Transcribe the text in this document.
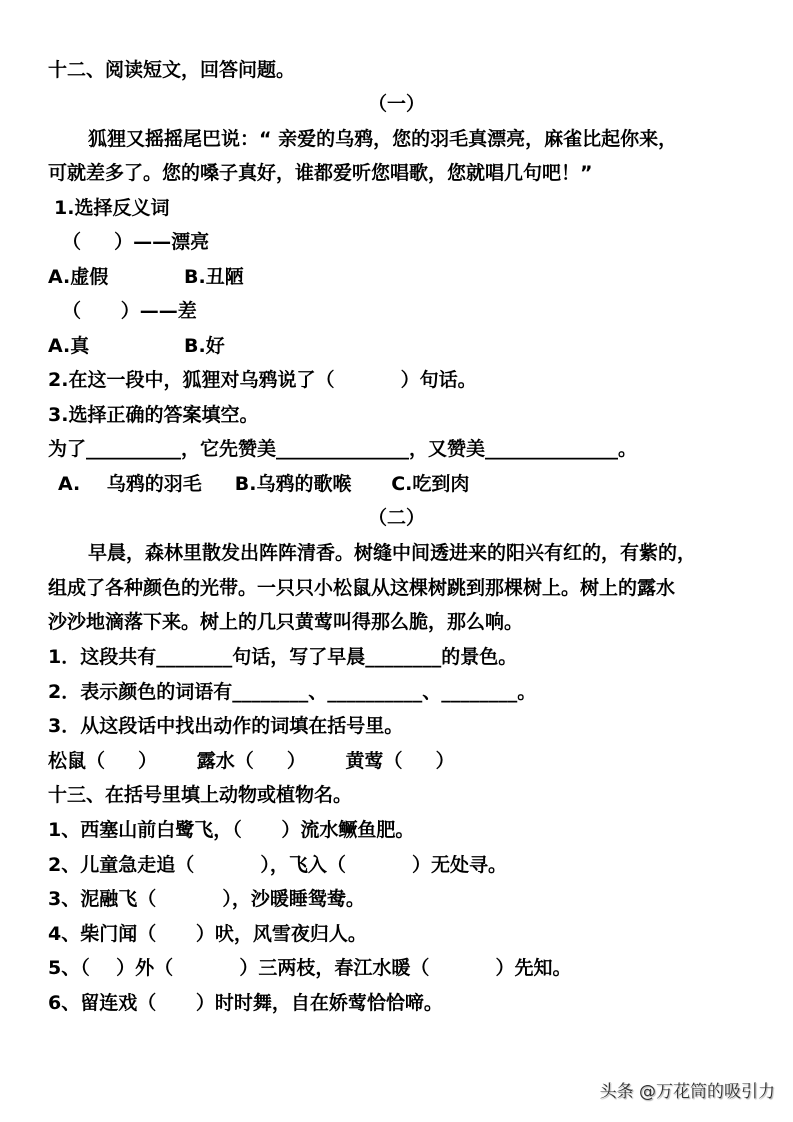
十二、阅读短文，回答问题。
（一）
狐狸又摇摇尾巴说：“ 亲爱的乌鸦，您的羽毛真漂亮，麻雀比起你来，
可就差多了。您的嗓子真好，谁都爱听您唱歌，您就唱几句吧！”
1.选择反义词
（     ）——漂亮
A.虚假	B.丑陋
（      ）——差
A.真	B.好
2.在这一段中，狐狸对乌鸦说了（          ）句话。
3.选择正确的答案填空。
为了__________，它先赞美______________，又赞美______________。
A.    乌鸦的羽毛     B.乌鸦的歌喉      C.吃到肉
（二）
早晨，森林里散发出阵阵清香。树缝中间透进来的阳兴有红的，有紫的，
组成了各种颜色的光带。一只只小松鼠从这棵树跳到那棵树上。树上的露水
沙沙地滴落下来。树上的几只黄莺叫得那么脆，那么响。
1．这段共有________句话，写了早晨________的景色。
2．表示颜色的词语有________、__________、________。
3．从这段话中找出动作的词填在括号里。
松鼠（     ）      露水（     ）      黄莺（     ）
十三、在括号里填上动物或植物名。
1、西塞山前白鹭飞，（      ）流水鳜鱼肥。
2、儿童急走追（          ），飞入（          ）无处寻。
3、泥融飞（          ），沙暖睡鸳鸯。
4、柴门闻（      ）吠，风雪夜归人。
5、（    ）外（          ）三两枝，春江水暖（          ）先知。
6、留连戏（      ）时时舞，自在娇莺恰恰啼。
头条 @万花筒的吸引力
